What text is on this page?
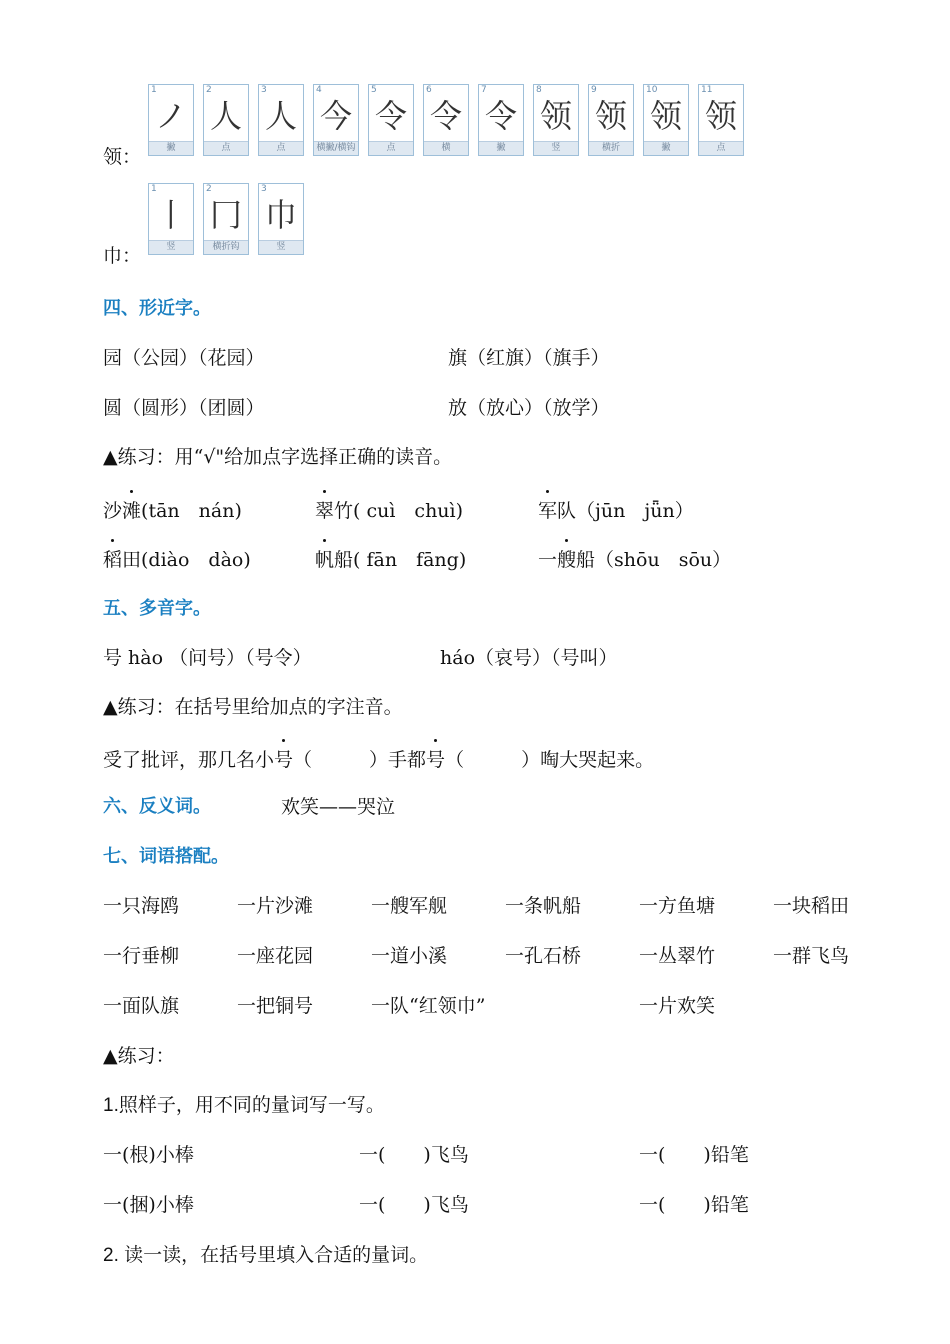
领：
1
ノ
撇
2
人
点
3
人
点
4
今
横撇/横钩
5
令
点
6
令
横
7
令
撇
8
领
竖
9
领
横折
10
领
撇
11
领
点
巾：
1
丨
竖
2
冂
横折钩
3
巾
竖
四、形近字。
园（公园）（花园）	旗（红旗）（旗手）
圆（圆形）（团圆）	放（放心）（放学）
▲练习：用“√"给加点字选择正确的读音。
沙滩(tān　nán)	翠竹( cuì　chuì)	军队（jūn　jǖn）
稻田(diào　dào)	帆船( fān　fāng)	一艘船（shōu　sōu）
五、多音字。
号 hào （问号）（号令）	háo（哀号）（号叫）
▲练习：在括号里给加点的字注音。
受了批评，那几名小号（　　　）手都号（　　　）啕大哭起来。
六、反义词。	欢笑——哭泣
七、词语搭配。
一只海鸥	一片沙滩	一艘军舰	一条帆船	一方鱼塘	一块稻田
一行垂柳	一座花园	一道小溪	一孔石桥	一丛翠竹	一群飞鸟
一面队旗	一把铜号	一队“红领巾”	一片欢笑
▲练习：
1.照样子，用不同的量词写一写。
一(根)小棒	一(　　)飞鸟	一(　　)铅笔
一(捆)小棒	一(　　)飞鸟	一(　　)铅笔
2. 读一读，在括号里填入合适的量词。
